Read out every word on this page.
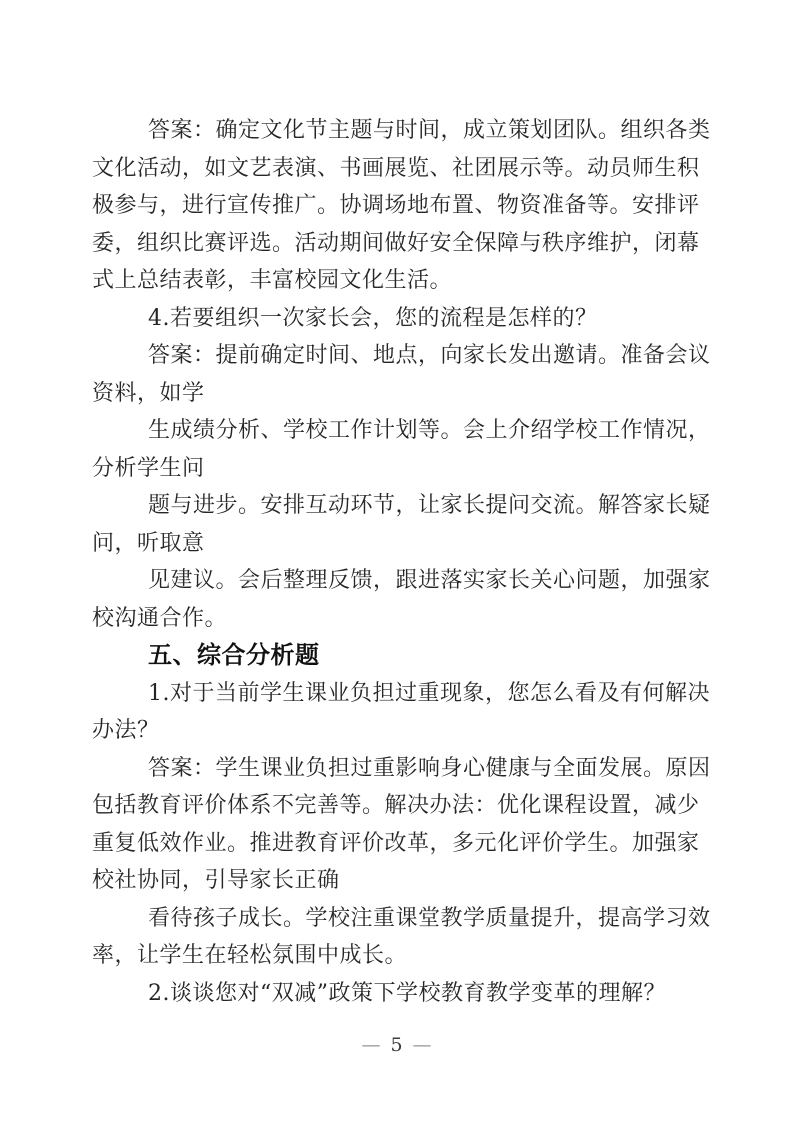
答案：确定文化节主题与时间，成立策划团队。组织各类
文化活动，如文艺表演、书画展览、社团展示等。动员师生积
极参与，进行宣传推广。协调场地布置、物资准备等。安排评
委，组织比赛评选。活动期间做好安全保障与秩序维护，闭幕
式上总结表彰，丰富校园文化生活。
4.若要组织一次家长会，您的流程是怎样的？
答案：提前确定时间、地点，向家长发出邀请。准备会议
资料，如学
生成绩分析、学校工作计划等。会上介绍学校工作情况，
分析学生问
题与进步。安排互动环节，让家长提问交流。解答家长疑
问，听取意
见建议。会后整理反馈，跟进落实家长关心问题，加强家
校沟通合作。
五、综合分析题
1.对于当前学生课业负担过重现象，您怎么看及有何解决
办法？
答案：学生课业负担过重影响身心健康与全面发展。原因
包括教育评价体系不完善等。解决办法：优化课程设置，减少
重复低效作业。推进教育评价改革，多元化评价学生。加强家
校社协同，引导家长正确
看待孩子成长。学校注重课堂教学质量提升，提高学习效
率，让学生在轻松氛围中成长。
2.谈谈您对“双减”政策下学校教育教学变革的理解？
— 5 —
